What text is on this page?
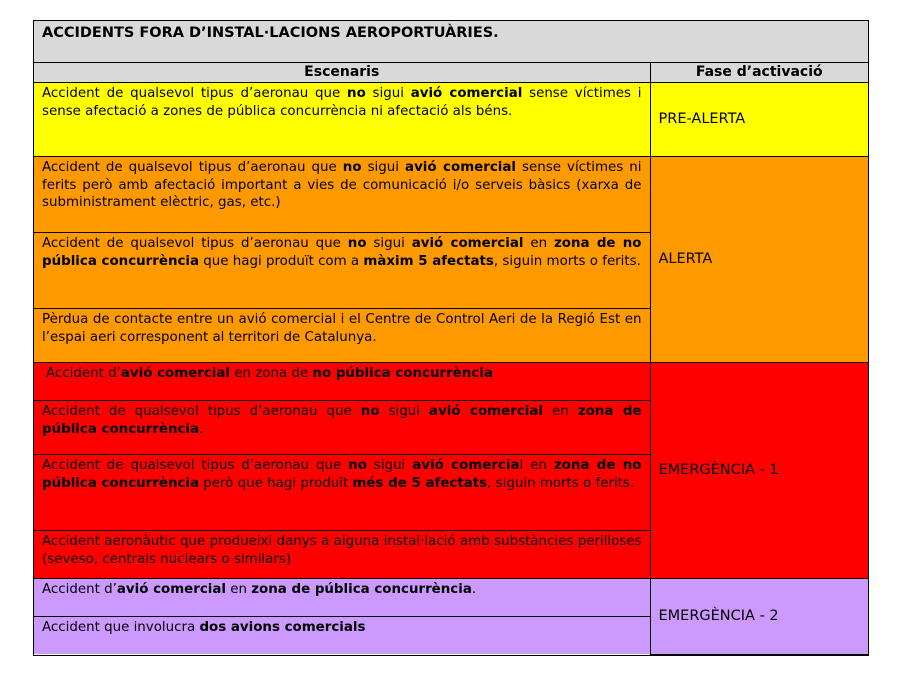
ACCIDENTS FORA D’INSTAL·LACIONS AEROPORTUÀRIES.
Escenaris	Fase d’activació
Accident de qualsevol tipus d’aeronau que no sigui avió comercial sense víctimes i sense afectació a zones de pública concurrència ni afectació als béns.	PRE-ALERTA
Accident de qualsevol tipus d’aeronau que no sigui avió comercial sense víctimes ni ferits però amb afectació important a vies de comunicació i/o serveis bàsics (xarxa de subministrament elèctric, gas, etc.)	ALERTA
Accident de qualsevol tipus d’aeronau que no sigui avió comercial en zona de no pública concurrència que hagi produït com a màxim 5 afectats, siguin morts o ferits.	
Pèrdua de contacte entre un avió comercial i el Centre de Control Aeri de la Regió Est en l’espai aeri corresponent al territori de Catalunya.	
Accident d’avió comercial en zona de no pública concurrència	EMERGÈNCIA - 1
Accident de qualsevol tipus d’aeronau que no sigui avió comercial en zona de pública concurrència.	
Accident de qualsevol tipus d’aeronau que no sigui avió comercial en zona de no pública concurrència però que hagi produït més de 5 afectats, siguin morts o ferits.	
Accident aeronàutic que produeixi danys a alguna instal·lació amb substàncies perilloses (seveso, centrals nuclears o similars)	
Accident d’avió comercial en zona de pública concurrència.	EMERGÈNCIA - 2
Accident que involucra dos avions comercials	
